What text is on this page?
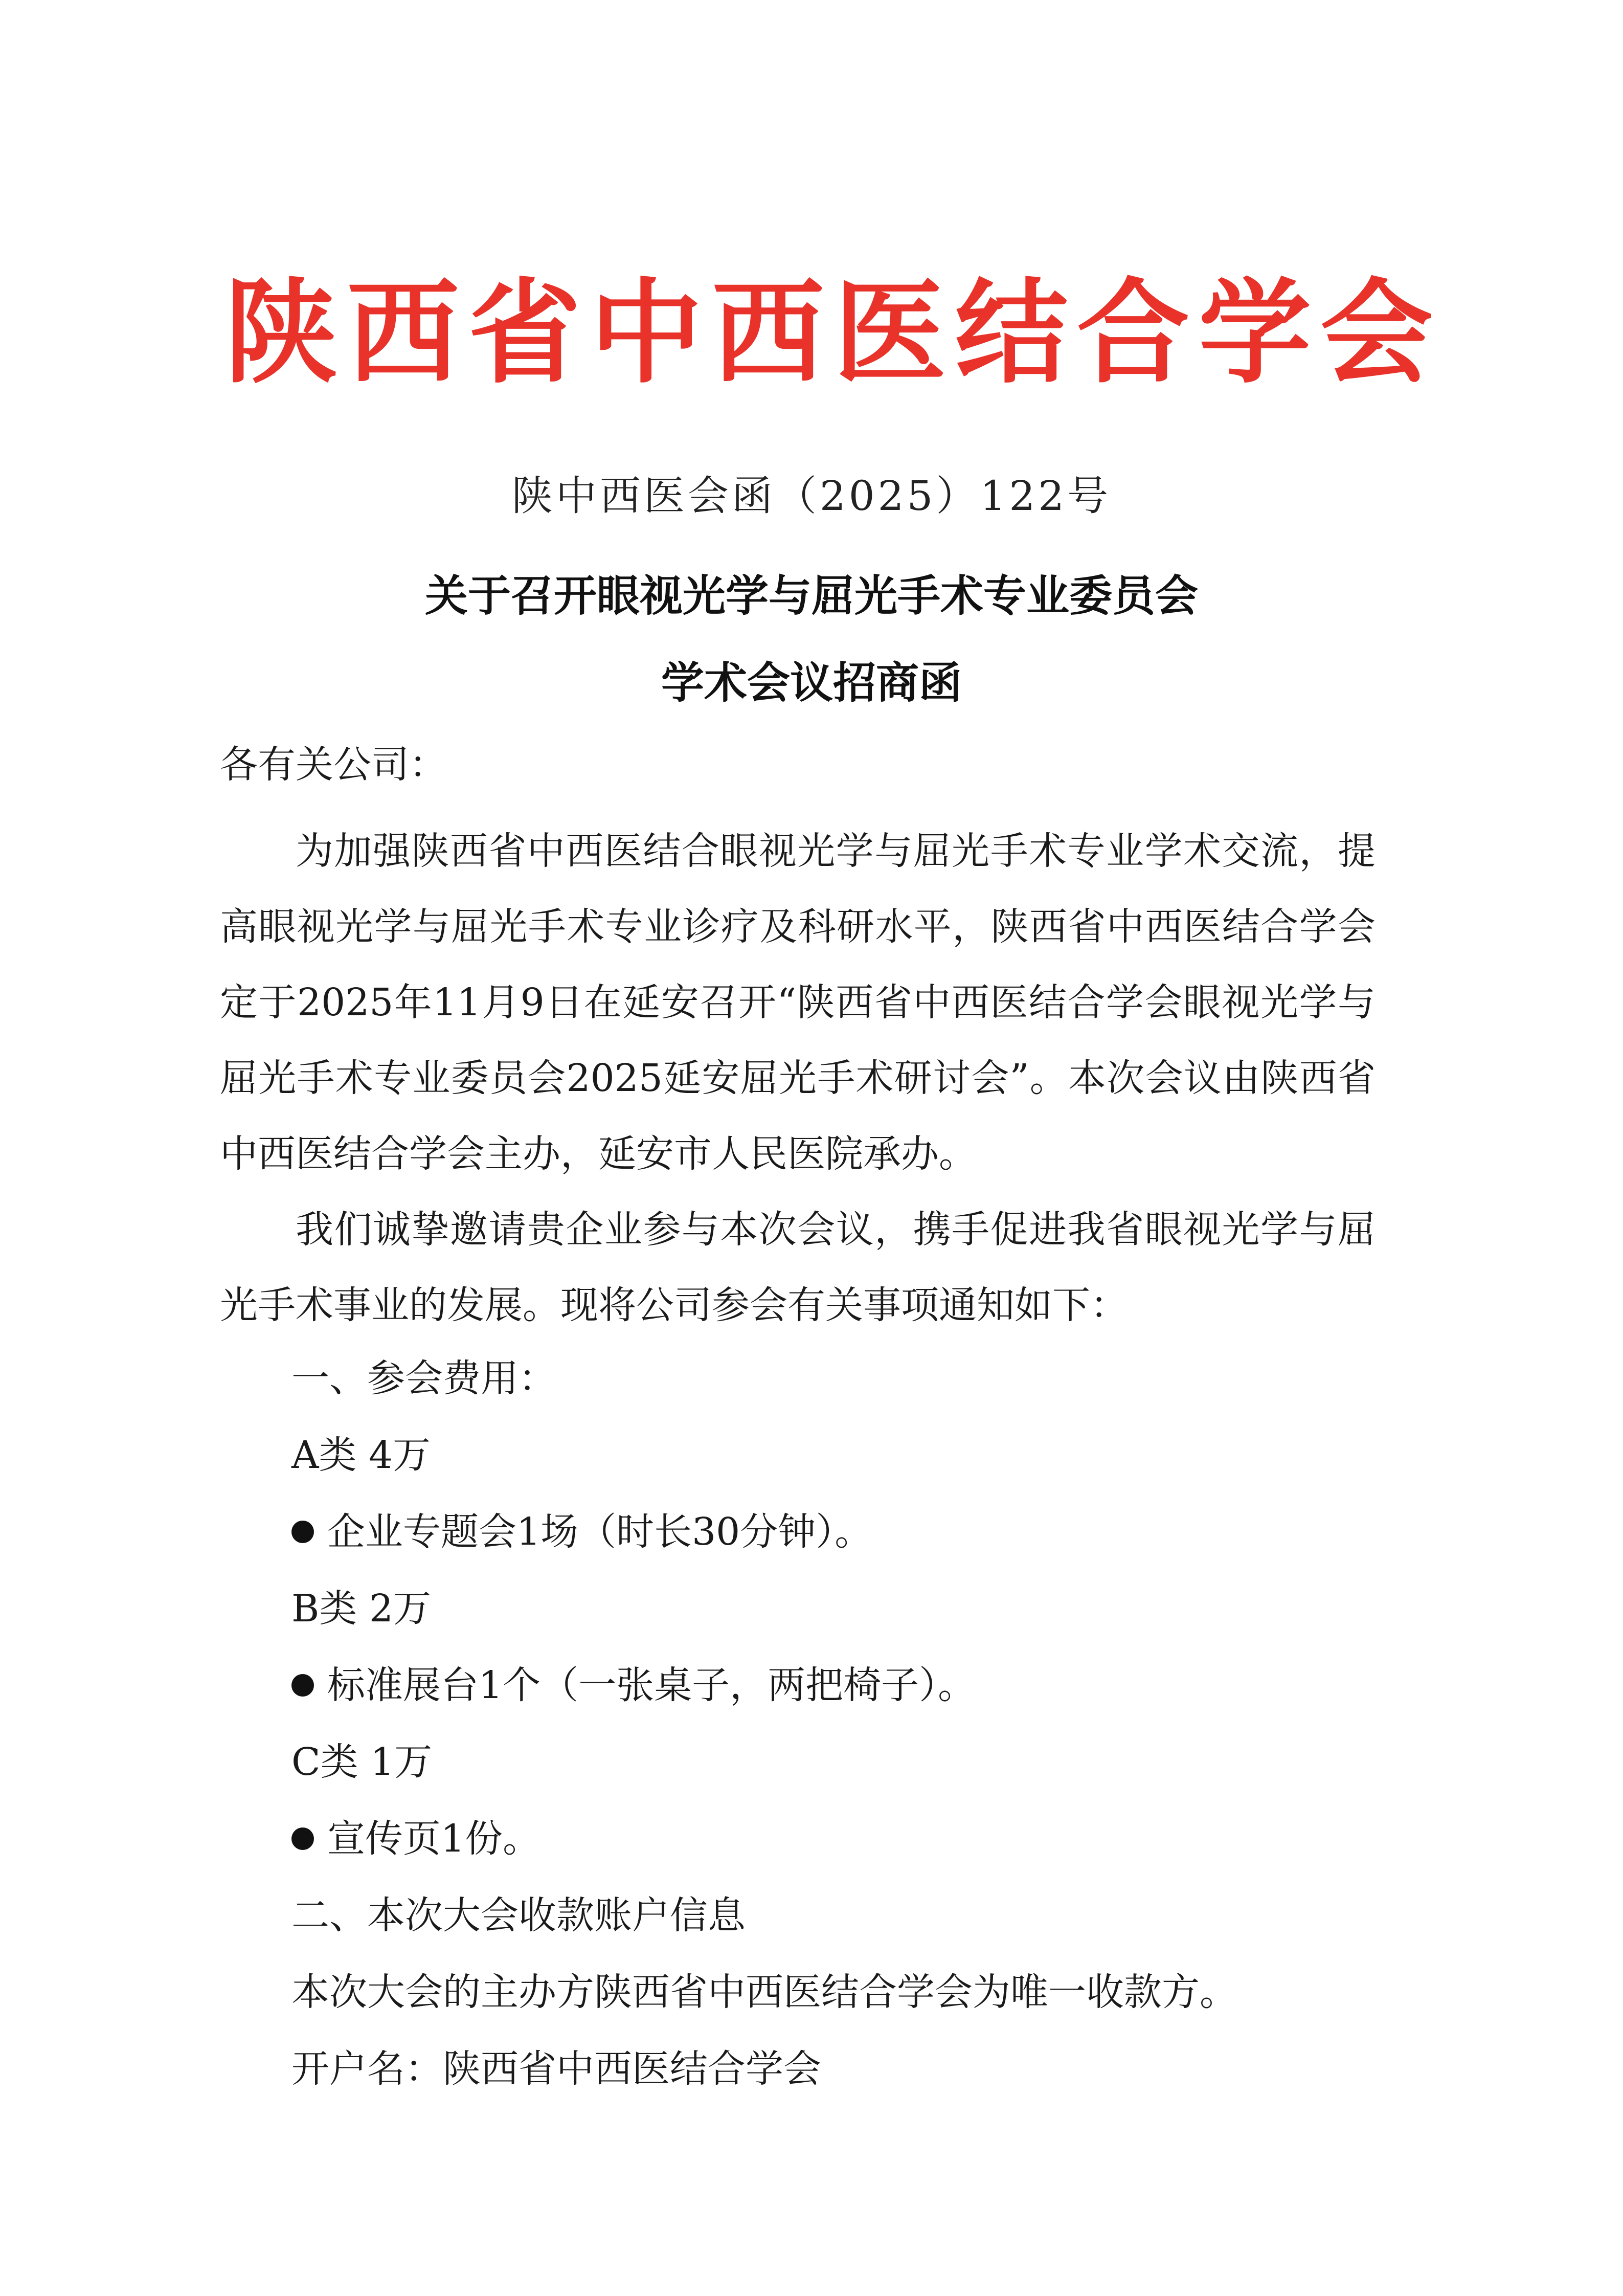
陕西省中西医结合学会
陕中西医会函（2025）122号
关于召开眼视光学与屈光手术专业委员会
学术会议招商函
各有关公司：
为加强陕西省中西医结合眼视光学与屈光手术专业学术交流，提高眼视光学与屈光手术专业诊疗及科研水平，陕西省中西医结合学会定于2025年11月9日在延安召开“陕西省中西医结合学会眼视光学与屈光手术专业委员会2025延安屈光手术研讨会”。本次会议由陕西省中西医结合学会主办，延安市人民医院承办。
我们诚挚邀请贵企业参与本次会议，携手促进我省眼视光学与屈光手术事业的发展。现将公司参会有关事项通知如下：
一、参会费用：
A类 4万
企业专题会1场（时长30分钟）。
B类 2万
标准展台1个（一张桌子，两把椅子）。
C类 1万
宣传页1份。
二、本次大会收款账户信息
本次大会的主办方陕西省中西医结合学会为唯一收款方。
开户名：陕西省中西医结合学会
